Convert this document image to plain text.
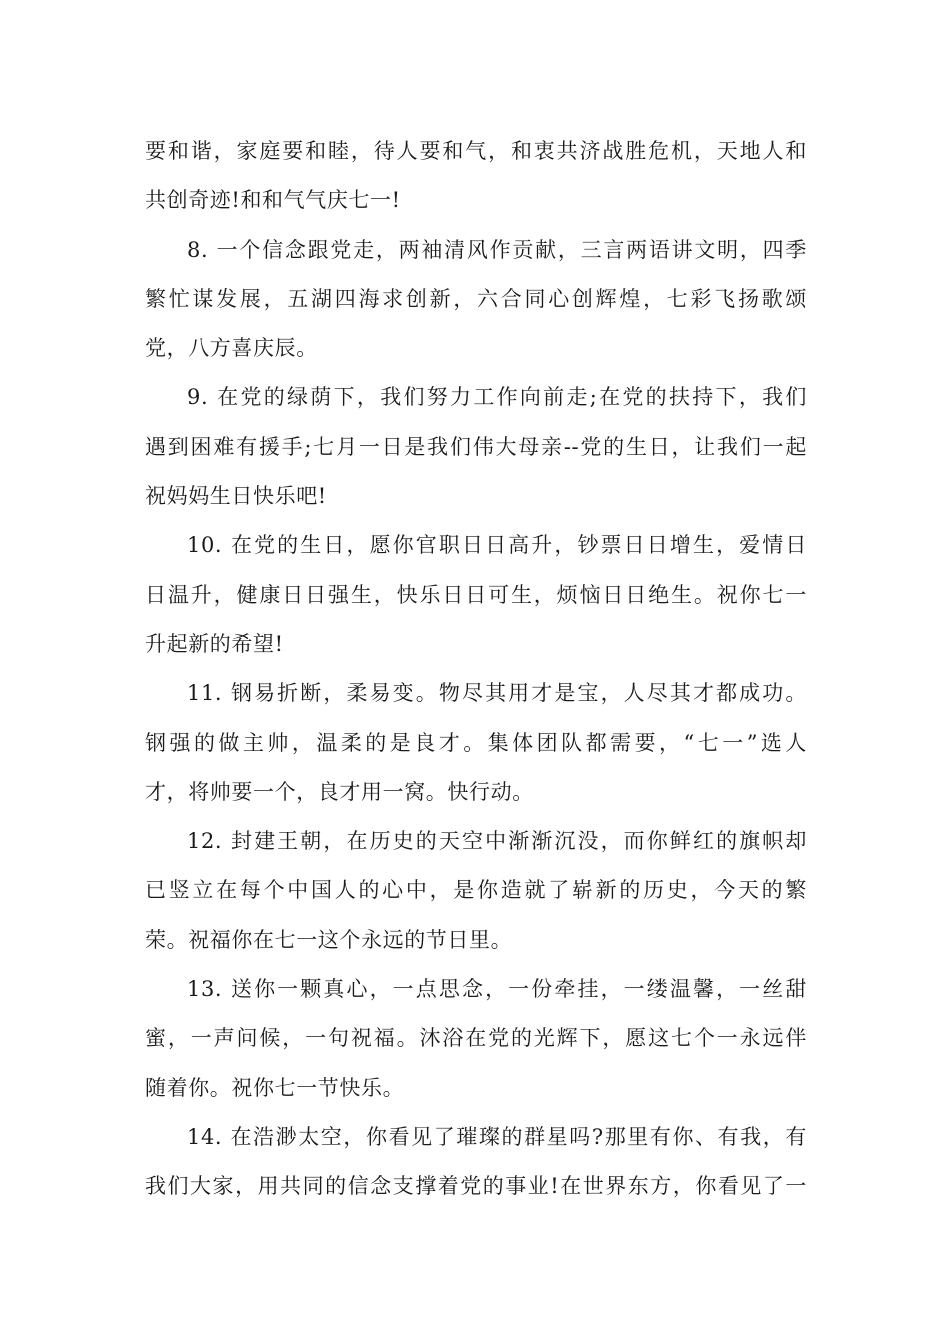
要和谐，家庭要和睦，待人要和气，和衷共济战胜危机，天地人和
共创奇迹!和和气气庆七一!

8. 一个信念跟党走，两袖清风作贡献，三言两语讲文明，四季
繁忙谋发展，五湖四海求创新，六合同心创辉煌，七彩飞扬歌颂
党，八方喜庆辰。

9. 在党的绿荫下，我们努力工作向前走;在党的扶持下，我们
遇到困难有援手;七月一日是我们伟大母亲--党的生日，让我们一起
祝妈妈生日快乐吧!

10. 在党的生日，愿你官职日日高升，钞票日日增生，爱情日
日温升，健康日日强生，快乐日日可生，烦恼日日绝生。祝你七一
升起新的希望!

11. 钢易折断，柔易变。物尽其用才是宝，人尽其才都成功。
钢强的做主帅，温柔的是良才。集体团队都需要，“七一”选人
才，将帅要一个，良才用一窝。快行动。

12. 封建王朝，在历史的天空中渐渐沉没，而你鲜红的旗帜却
已竖立在每个中国人的心中，是你造就了崭新的历史，今天的繁
荣。祝福你在七一这个永远的节日里。

13. 送你一颗真心，一点思念，一份牵挂，一缕温馨，一丝甜
蜜，一声问候，一句祝福。沐浴在党的光辉下，愿这七个一永远伴
随着你。祝你七一节快乐。

14. 在浩渺太空，你看见了璀璨的群星吗?那里有你、有我，有
我们大家，用共同的信念支撑着党的事业!在世界东方，你看见了一
